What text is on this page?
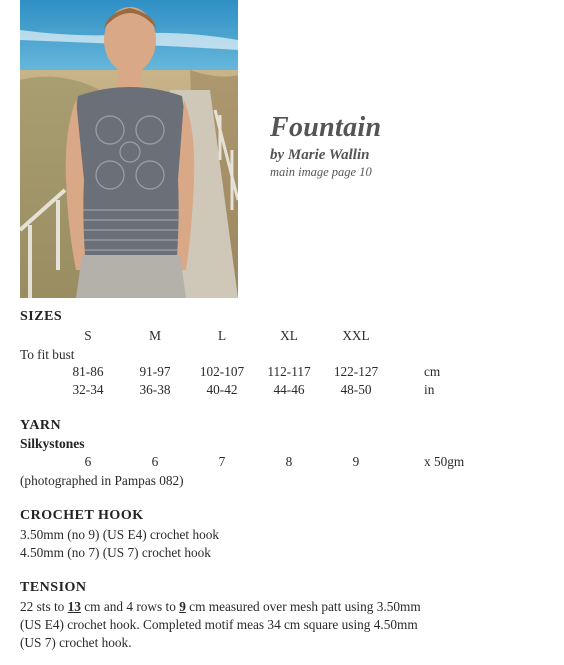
Fountain
by Marie Wallin
main image page 10
SIZES
S	M	L	XL	XXL
To fit bust
81-86	91-97	102-107	112-117	122-127	cm
32-34	36-38	40-42	44-46	48-50	in
YARN
Silkystones
6	6	7	8	9	x 50gm
(photographed in Pampas 082)
CROCHET HOOK
3.50mm (no 9) (US E4) crochet hook
4.50mm (no 7) (US 7) crochet hook
TENSION
22 sts to 13 cm and 4 rows to 9 cm measured over mesh patt using 3.50mm
(US E4) crochet hook. Completed motif meas 34 cm square using 4.50mm
(US 7) crochet hook.
